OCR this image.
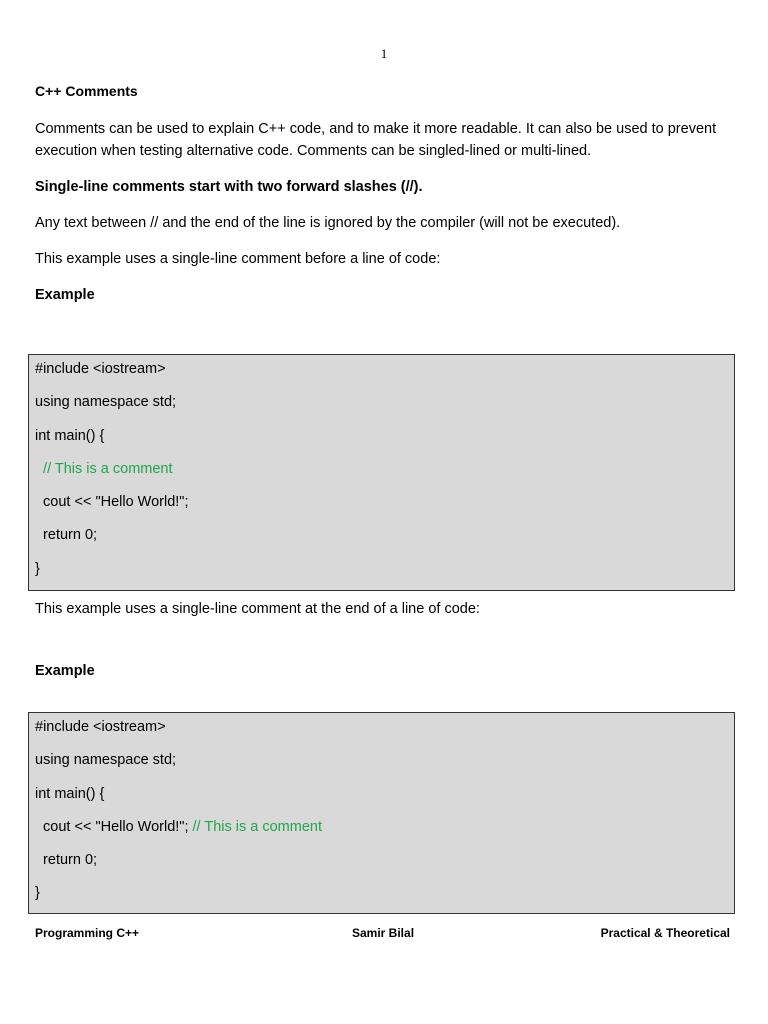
1

C++ Comments

Comments can be used to explain C++ code, and to make it more readable. It can also be used to prevent execution when testing alternative code. Comments can be singled-lined or multi-lined.

Single-line comments start with two forward slashes (//).

Any text between // and the end of the line is ignored by the compiler (will not be executed).

This example uses a single-line comment before a line of code:

Example

#include <iostream>
using namespace std;
int main() {
// This is a comment
cout << "Hello World!";
return 0;
}

This example uses a single-line comment at the end of a line of code:

Example

#include <iostream>
using namespace std;
int main() {
cout << "Hello World!"; // This is a comment
return 0;
}
Programming C++	Samir Bilal	Practical & Theoretical
